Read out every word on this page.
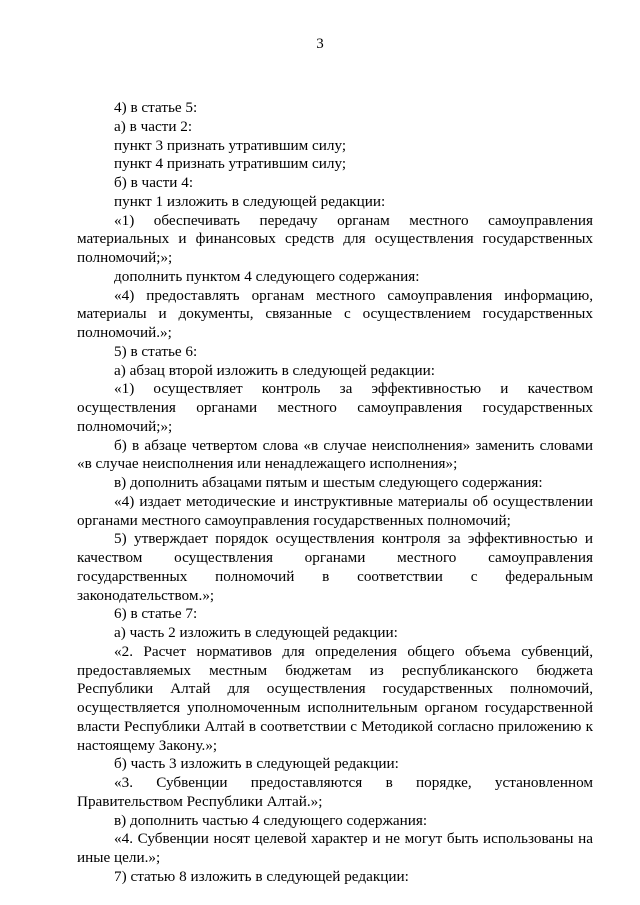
3

4) в статье 5:

а) в части 2:

пункт 3 признать утратившим силу;

пункт 4 признать утратившим силу;

б) в части 4:

пункт 1 изложить в следующей редакции:

«1) обеспечивать передачу органам местного самоуправления материальных и финансовых средств для осуществления государственных полномочий;»;

дополнить пунктом 4 следующего содержания:

«4) предоставлять органам местного самоуправления информацию, материалы и документы, связанные с осуществлением государственных полномочий.»;

5) в статье 6:

а) абзац второй изложить в следующей редакции:

«1) осуществляет контроль за эффективностью и качеством осуществления органами местного самоуправления государственных полномочий;»;

б) в абзаце четвертом слова «в случае неисполнения» заменить словами «в случае неисполнения или ненадлежащего исполнения»;

в) дополнить абзацами пятым и шестым следующего содержания:

«4) издает методические и инструктивные материалы об осуществлении органами местного самоуправления государственных полномочий;

5) утверждает порядок осуществления контроля за эффективностью и качеством осуществления органами местного самоуправления государственных полномочий в соответствии с федеральным законодательством.»;

6) в статье 7:

а) часть 2 изложить в следующей редакции:

«2. Расчет нормативов для определения общего объема субвенций, предоставляемых местным бюджетам из республиканского бюджета Республики Алтай для осуществления государственных полномочий, осуществляется уполномоченным исполнительным органом государственной власти Республики Алтай в соответствии с Методикой согласно приложению к настоящему Закону.»;

б) часть 3 изложить в следующей редакции:

«3. Субвенции предоставляются в порядке, установленном Правительством Республики Алтай.»;

в) дополнить частью 4 следующего содержания:

«4. Субвенции носят целевой характер и не могут быть использованы на иные цели.»;

7) статью 8 изложить в следующей редакции:
